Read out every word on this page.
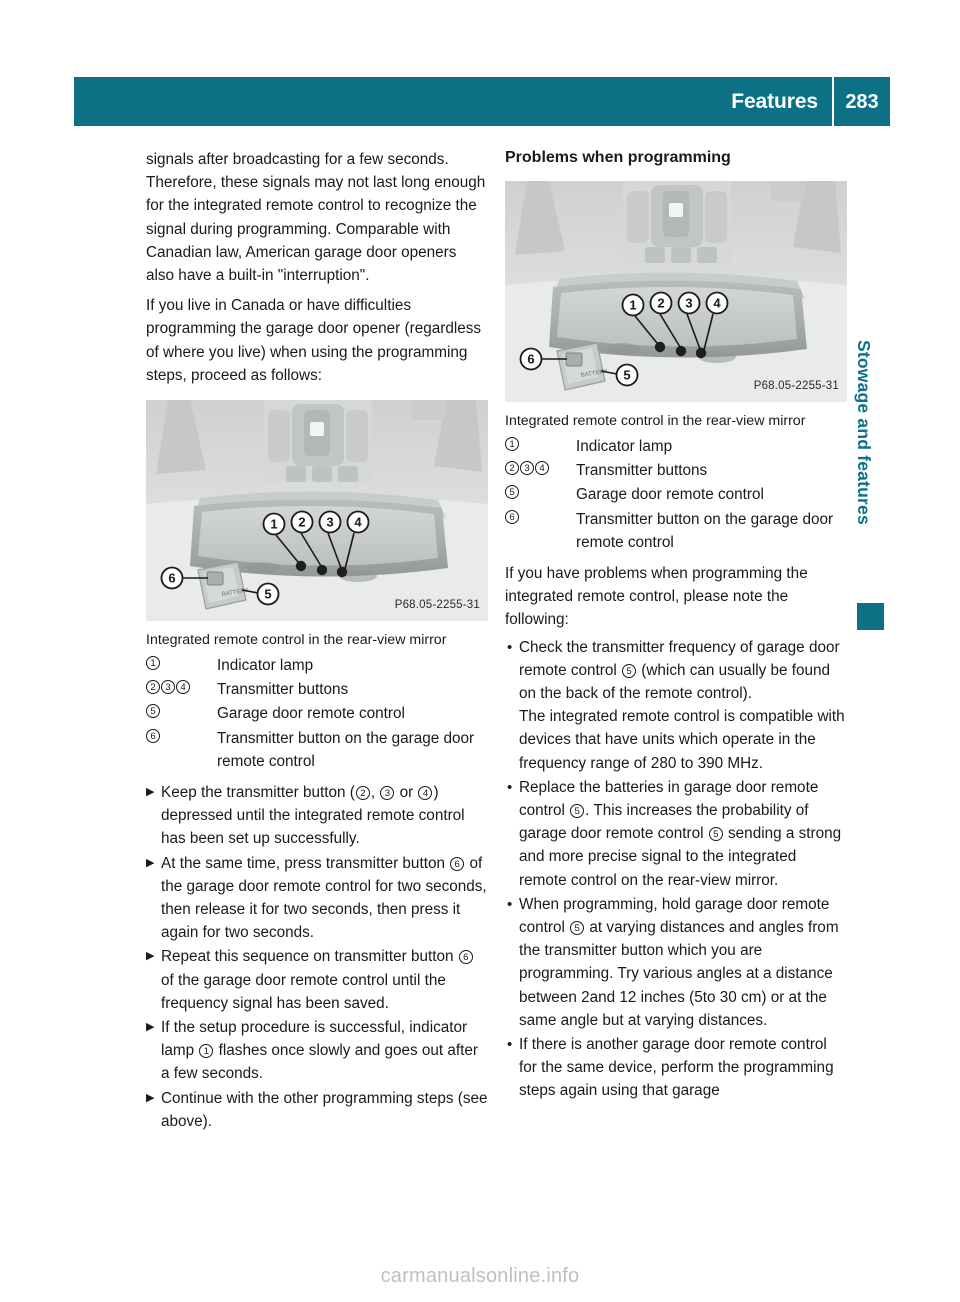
Features	283

signals after broadcasting for a few seconds. Therefore, these signals may not last long enough for the integrated remote control to recognize the signal during programming. Comparable with Canadian law, American garage door openers also have a built-in "interruption".

If you live in Canada or have difficulties programming the garage door opener (regardless of where you live) when using the programming steps, proceed as follows:

1 2 3 4
BATTERY
6
5
P68.05-2255-31

Integrated remote control in the rear-view mirror

1	Indicator lamp
2	3	4 Transmitter buttons
5	Garage door remote control
6	Transmitter button on the garage door remote control
▶ Keep the transmitter button ( 2 , 3 or 4 ) depressed until the integrated remote control has been set up successfully.
▶ At the same time, press transmitter button 6 of the garage door remote control for two seconds, then release it for two seconds, then press it again for two seconds.
▶ Repeat this sequence on transmitter button 6 of the garage door remote control until the frequency signal has been saved.
▶ If the setup procedure is successful, indicator lamp 1 flashes once slowly and goes out after a few seconds.
▶ Continue with the other programming steps (see above).
Problems when programming
1 2 3 4
BATTERY
6
5
P68.05-2255-31

Integrated remote control in the rear-view mirror

1	Indicator lamp
2	3	4 Transmitter buttons
5	Garage door remote control
6	Transmitter button on the garage door remote control

If you have problems when programming the integrated remote control, please note the following:

• Check the transmitter frequency of garage door remote control 5 (which can usually be found on the back of the remote control).
The integrated remote control is compatible with devices that have units which operate in the frequency range of 280 to 390 MHz.
• Replace the batteries in garage door remote control 5 . This increases the probability of garage door remote control 5 sending a strong and more precise signal to the integrated remote control on the rear-view mirror.
• When programming, hold garage door remote control 5 at varying distances and angles from the transmitter button which you are programming. Try various angles at a distance between 2and 12 inches (5to 30 cm) or at the same angle but at varying distances.
• If there is another garage door remote control for the same device, perform the programming steps again using that garage
Stowage and features
carmanualsonline.info
